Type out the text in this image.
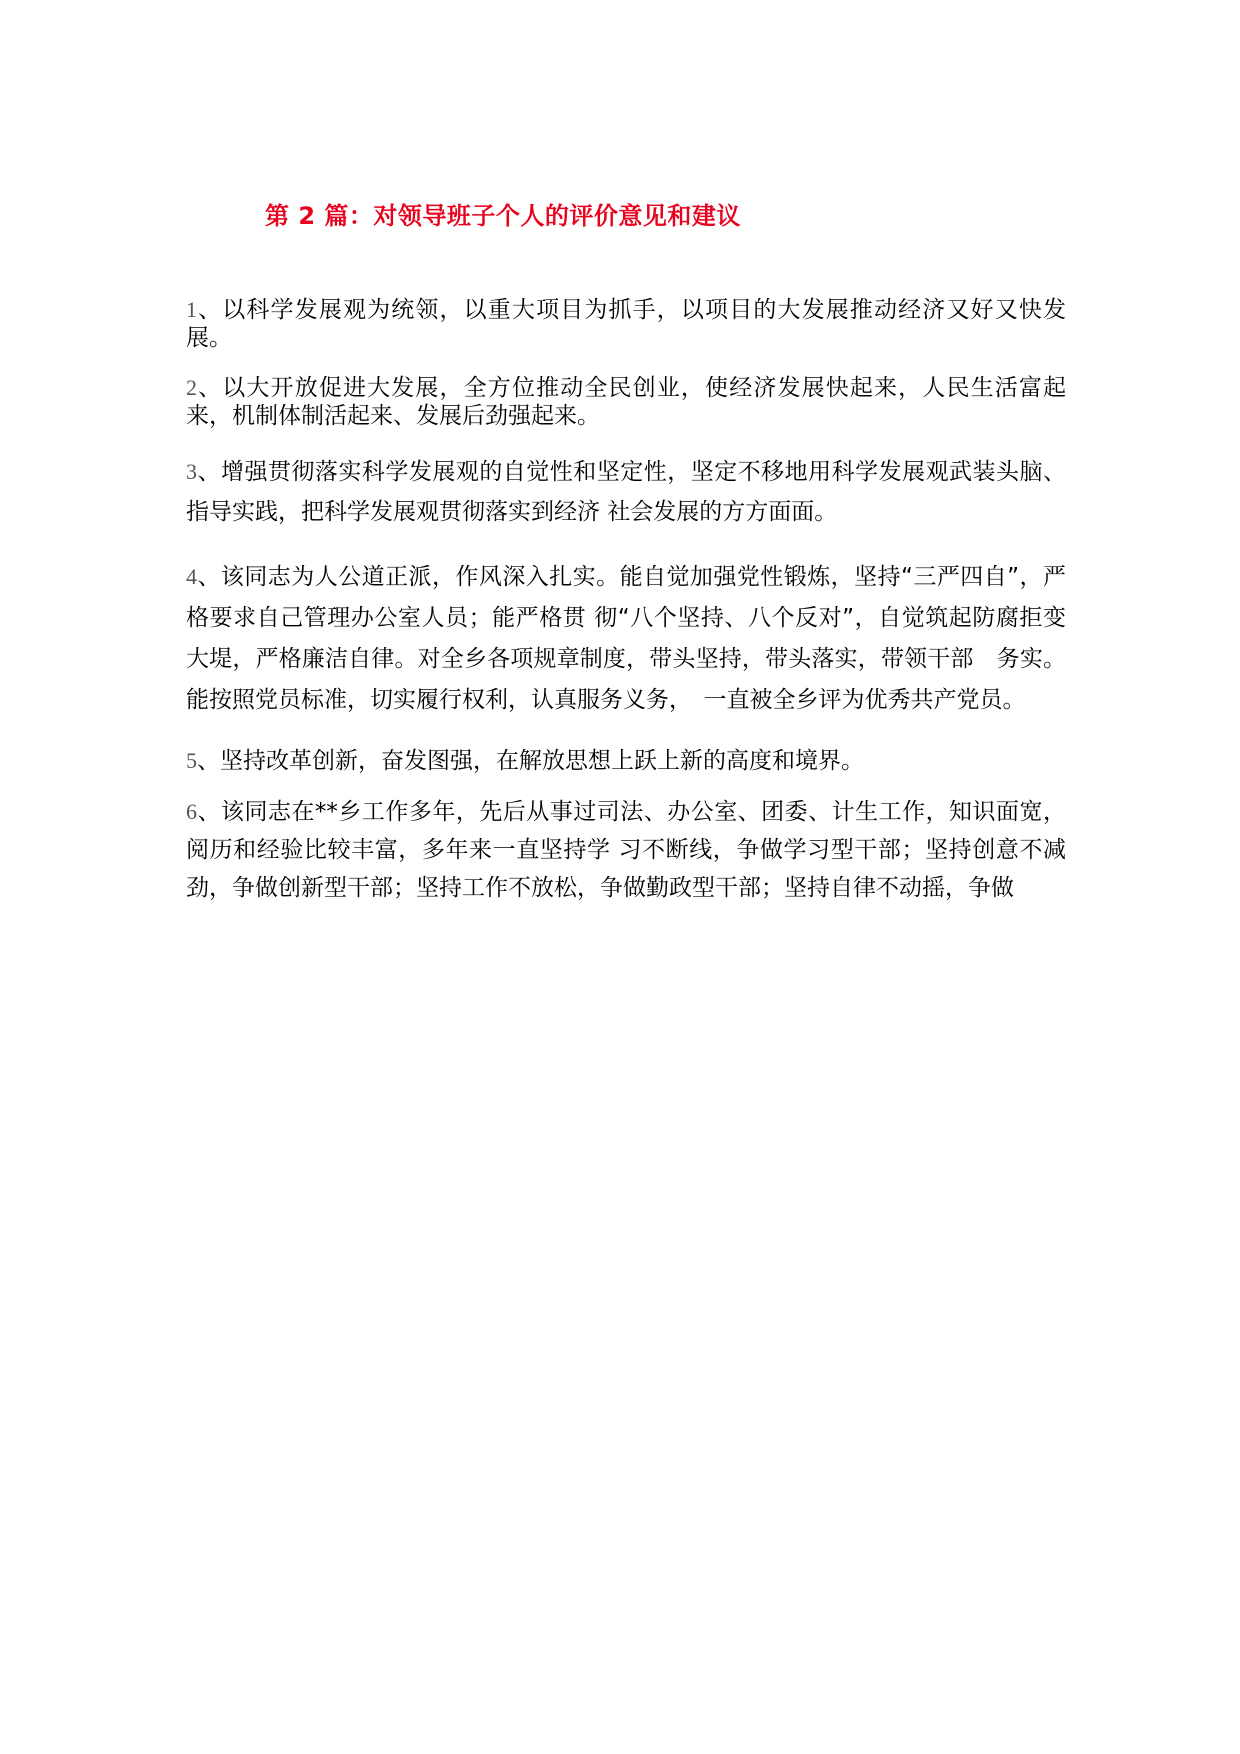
第 2 篇：对领导班子个人的评价意见和建议

1、以科学发展观为统领，以重大项目为抓手，以项目的大发展推动经济又好又快发展。

2、以大开放促进大发展，全方位推动全民创业，使经济发展快起来，人民生活富起来，机制体制活起来、发展后劲强起来。

3、增强贯彻落实科学发展观的自觉性和坚定性，坚定不移地用科学发展观武装头脑、指导实践，把科学发展观贯彻落实到经济 社会发展的方方面面。

4、该同志为人公道正派，作风深入扎实。能自觉加强党性锻炼，坚持“三严四自”，严格要求自己管理办公室人员；能严格贯 彻“八个坚持、八个反对”，自觉筑起防腐拒变大堤，严格廉洁自律。对全乡各项规章制度，带头坚持，带头落实，带领干部　务实。能按照党员标准，切实履行权利，认真服务义务，　一直被全乡评为优秀共产党员。

5、坚持改革创新，奋发图强，在解放思想上跃上新的高度和境界。

6、该同志在**乡工作多年，先后从事过司法、办公室、团委、计生工作，知识面宽，阅历和经验比较丰富，多年来一直坚持学 习不断线，争做学习型干部；坚持创意不减劲，争做创新型干部；坚持工作不放松，争做勤政型干部；坚持自律不动摇，争做
